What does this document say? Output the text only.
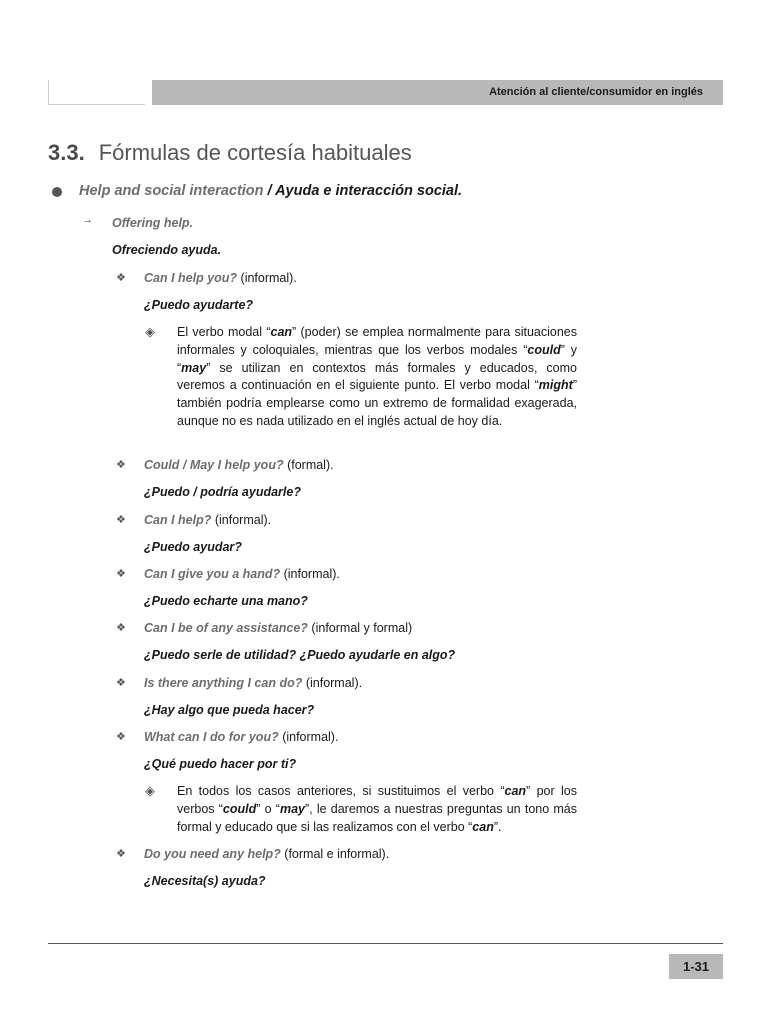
Atención al cliente/consumidor en inglés
3.3. Fórmulas de cortesía habituales
Help and social interaction / Ayuda e interacción social.
→ Offering help.
Ofreciendo ayuda.
❖ Can I help you? (informal).
¿Puedo ayudarte?
◈ El verbo modal “can” (poder) se emplea normalmente para situaciones informales y coloquiales, mientras que los verbos modales “could” y “may” se utilizan en contextos más formales y educados, como veremos a continuación en el siguiente punto. El verbo modal “might” también podría emplearse como un extremo de formalidad exagerada, aunque no es nada utilizado en el inglés actual de hoy día.
❖ Could / May I help you? (formal).
¿Puedo / podría ayudarle?
❖ Can I help? (informal).
¿Puedo ayudar?
❖ Can I give you a hand? (informal).
¿Puedo echarte una mano?
❖ Can I be of any assistance? (informal y formal)
¿Puedo serle de utilidad? ¿Puedo ayudarle en algo?
❖ Is there anything I can do? (informal).
¿Hay algo que pueda hacer?
❖ What can I do for you? (informal).
¿Qué puedo hacer por ti?
◈ En todos los casos anteriores, si sustituimos el verbo “can” por los verbos “could” o “may”, le daremos a nuestras preguntas un tono más formal y educado que si las realizamos con el verbo “can”.
❖ Do you need any help? (formal e informal).
¿Necesita(s) ayuda?
1-31
